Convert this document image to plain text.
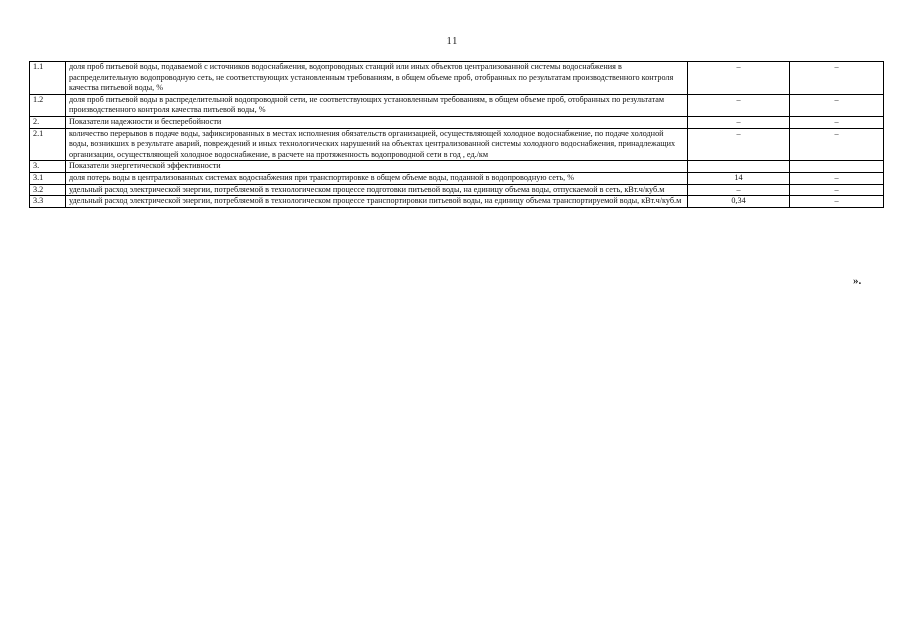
11
1.1	доля проб питьевой воды, подаваемой с источников водоснабжения, водопроводных станций или иных объектов централизованной системы водоснабжения в распределительную водопроводную сеть, не соответствующих установленным требованиям, в общем объеме проб, отобранных по результатам производственного контроля качества питьевой воды, %	–	–
1.2	доля проб питьевой воды в распределительной водопроводной сети, не соответствующих установленным требованиям, в общем объеме проб, отобранных по результатам производственного контроля качества питьевой воды, %	–	–
2.	Показатели надежности и бесперебойности	–	–
2.1	количество перерывов в подаче воды, зафиксированных в местах исполнения обязательств организацией, осуществляющей холодное водоснабжение, по подаче холодной воды, возникших в результате аварий, повреждений и иных технологических нарушений на объектах централизованной системы холодного водоснабжения, принадлежащих организации, осуществляющей холодное водоснабжение, в расчете на протяженность водопроводной сети в год , ед./км	–	–
3.	Показатели энергетической эффективности		
3.1	доля потерь воды в централизованных системах водоснабжения при транспортировке в общем объеме воды, поданной в водопроводную сеть, %	14	–
3.2	удельный расход электрической энергии, потребляемой в технологическом процессе подготовки питьевой воды, на единицу объема воды, отпускаемой в сеть, кВт.ч/куб.м	–	–
3.3	удельный расход электрической энергии, потребляемой в технологическом процессе транспортировки питьевой воды, на единицу объема транспортируемой воды, кВт.ч/куб.м	0,34	–
».
